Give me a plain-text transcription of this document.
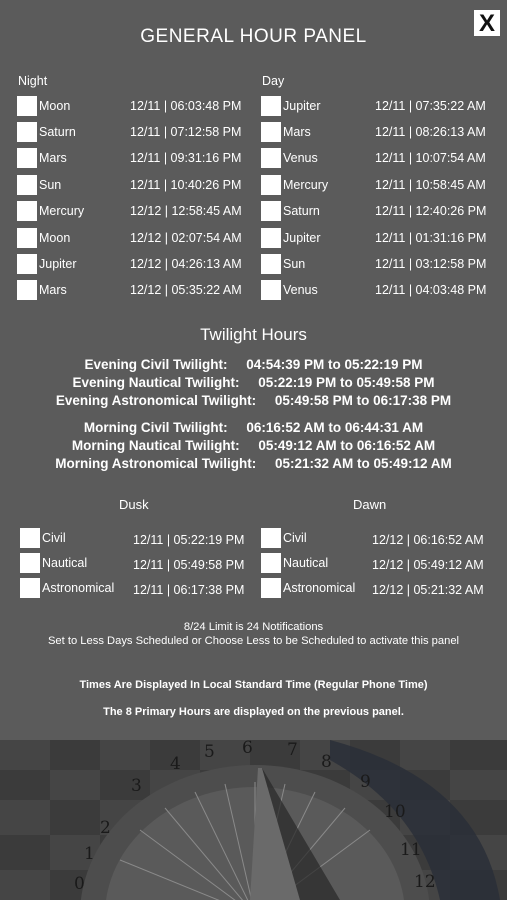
X
GENERAL HOUR PANEL
Night
Moon	12/11 | 06:03:48 PM
Saturn	12/11 | 07:12:58 PM
Mars	12/11 | 09:31:16 PM
Sun	12/11 | 10:40:26 PM
Mercury	12/12 | 12:58:45 AM
Moon	12/12 | 02:07:54 AM
Jupiter	12/12 | 04:26:13 AM
Mars	12/12 | 05:35:22 AM
Day
Jupiter	12/11 | 07:35:22 AM
Mars	12/11 | 08:26:13 AM
Venus	12/11 | 10:07:54 AM
Mercury	12/11 | 10:58:45 AM
Saturn	12/11 | 12:40:26 PM
Jupiter	12/11 | 01:31:16 PM
Sun	12/11 | 03:12:58 PM
Venus	12/11 | 04:03:48 PM
Twilight Hours
Evening Civil Twilight:     04:54:39 PM to 05:22:19 PM
Evening Nautical Twilight:     05:22:19 PM to 05:49:58 PM
Evening Astronomical Twilight:     05:49:58 PM to 06:17:38 PM
Morning Civil Twilight:     06:16:52 AM to 06:44:31 AM
Morning Nautical Twilight:     05:49:12 AM to 06:16:52 AM
Morning Astronomical Twilight:     05:21:32 AM to 05:49:12 AM
Dusk	Dawn
Civil	12/11 | 05:22:19 PM
Nautical	12/11 | 05:49:58 PM
Astronomical 12/11 | 06:17:38 PM
Civil	12/12 | 06:16:52 AM
Nautical	12/12 | 05:49:12 AM
Astronomical 12/12 | 05:21:32 AM
8/24 Limit is 24 Notifications
Set to Less Days Scheduled or Choose Less to be Scheduled to activate this panel
Times Are Displayed In Local Standard Time (Regular Phone Time)
The 8 Primary Hours are displayed on the previous panel.
0
1
2
3
4
5 6 7
8
9
10
11
12
